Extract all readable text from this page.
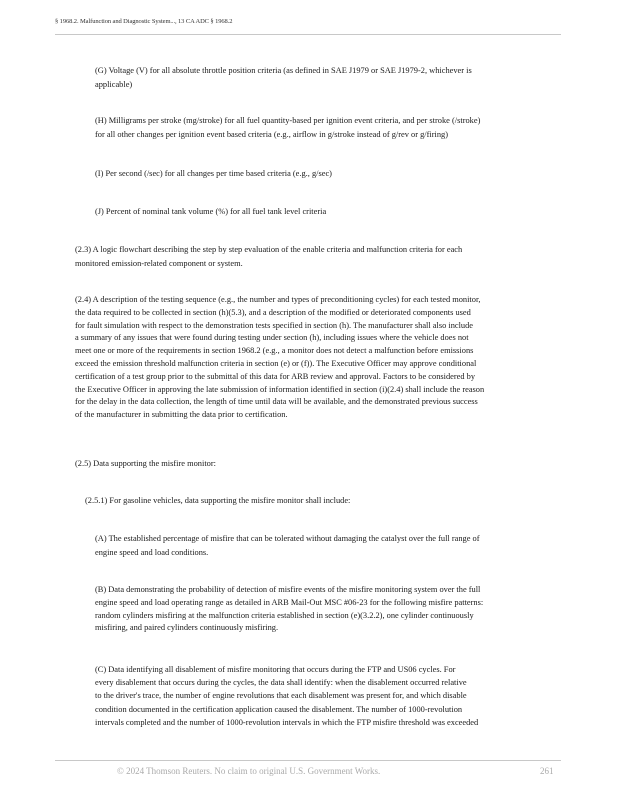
§ 1968.2. Malfunction and Diagnostic System..., 13 CA ADC § 1968.2
(G) Voltage (V) for all absolute throttle position criteria (as defined in SAE J1979 or SAE J1979-2, whichever is
applicable)
(H) Milligrams per stroke (mg/stroke) for all fuel quantity-based per ignition event criteria, and per stroke (/stroke)
for all other changes per ignition event based criteria (e.g., airflow in g/stroke instead of g/rev or g/firing)
(I) Per second (/sec) for all changes per time based criteria (e.g., g/sec)
(J) Percent of nominal tank volume (%) for all fuel tank level criteria
(2.3) A logic flowchart describing the step by step evaluation of the enable criteria and malfunction criteria for each
monitored emission-related component or system.
(2.4) A description of the testing sequence (e.g., the number and types of preconditioning cycles) for each tested monitor,
the data required to be collected in section (h)(5.3), and a description of the modified or deteriorated components used
for fault simulation with respect to the demonstration tests specified in section (h). The manufacturer shall also include
a summary of any issues that were found during testing under section (h), including issues where the vehicle does not
meet one or more of the requirements in section 1968.2 (e.g., a monitor does not detect a malfunction before emissions
exceed the emission threshold malfunction criteria in section (e) or (f)). The Executive Officer may approve conditional
certification of a test group prior to the submittal of this data for ARB review and approval. Factors to be considered by
the Executive Officer in approving the late submission of information identified in section (i)(2.4) shall include the reason
for the delay in the data collection, the length of time until data will be available, and the demonstrated previous success
of the manufacturer in submitting the data prior to certification.
(2.5) Data supporting the misfire monitor:
(2.5.1) For gasoline vehicles, data supporting the misfire monitor shall include:
(A) The established percentage of misfire that can be tolerated without damaging the catalyst over the full range of
engine speed and load conditions.
(B) Data demonstrating the probability of detection of misfire events of the misfire monitoring system over the full
engine speed and load operating range as detailed in ARB Mail-Out MSC #06-23 for the following misfire patterns:
random cylinders misfiring at the malfunction criteria established in section (e)(3.2.2), one cylinder continuously
misfiring, and paired cylinders continuously misfiring.
(C) Data identifying all disablement of misfire monitoring that occurs during the FTP and US06 cycles. For
every disablement that occurs during the cycles, the data shall identify: when the disablement occurred relative
to the driver's trace, the number of engine revolutions that each disablement was present for, and which disable
condition documented in the certification application caused the disablement. The number of 1000-revolution
intervals completed and the number of 1000-revolution intervals in which the FTP misfire threshold was exceeded
© 2024 Thomson Reuters. No claim to original U.S. Government Works.	261
